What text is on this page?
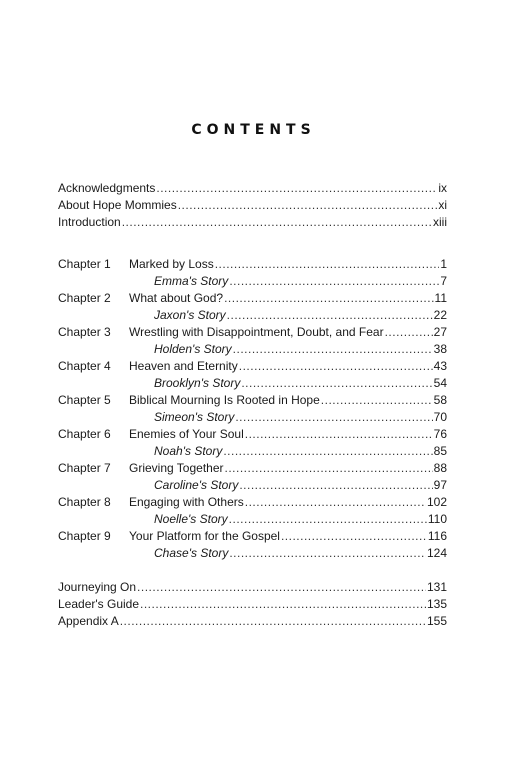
CONTENTS
Acknowledgments .....	ix
About Hope Mommies .....	xi
Introduction .....	xiii
Chapter 1 Marked by Loss .....	1
Emma's Story .....	7
Chapter 2 What about God? .....	11
Jaxon's Story .....	22
Chapter 3 Wrestling with Disappointment, Doubt, and Fear .....	27
Holden's Story .....	38
Chapter 4 Heaven and Eternity .....	43
Brooklyn's Story .....	54
Chapter 5 Biblical Mourning Is Rooted in Hope .....	58
Simeon's Story .....	70
Chapter 6 Enemies of Your Soul .....	76
Noah's Story .....	85
Chapter 7 Grieving Together .....	88
Caroline's Story .....	97
Chapter 8 Engaging with Others .....	102
Noelle's Story .....	110
Chapter 9 Your Platform for the Gospel .....	116
Chase's Story .....	124
Journeying On .....	131
Leader's Guide .....	135
Appendix A .....	155
